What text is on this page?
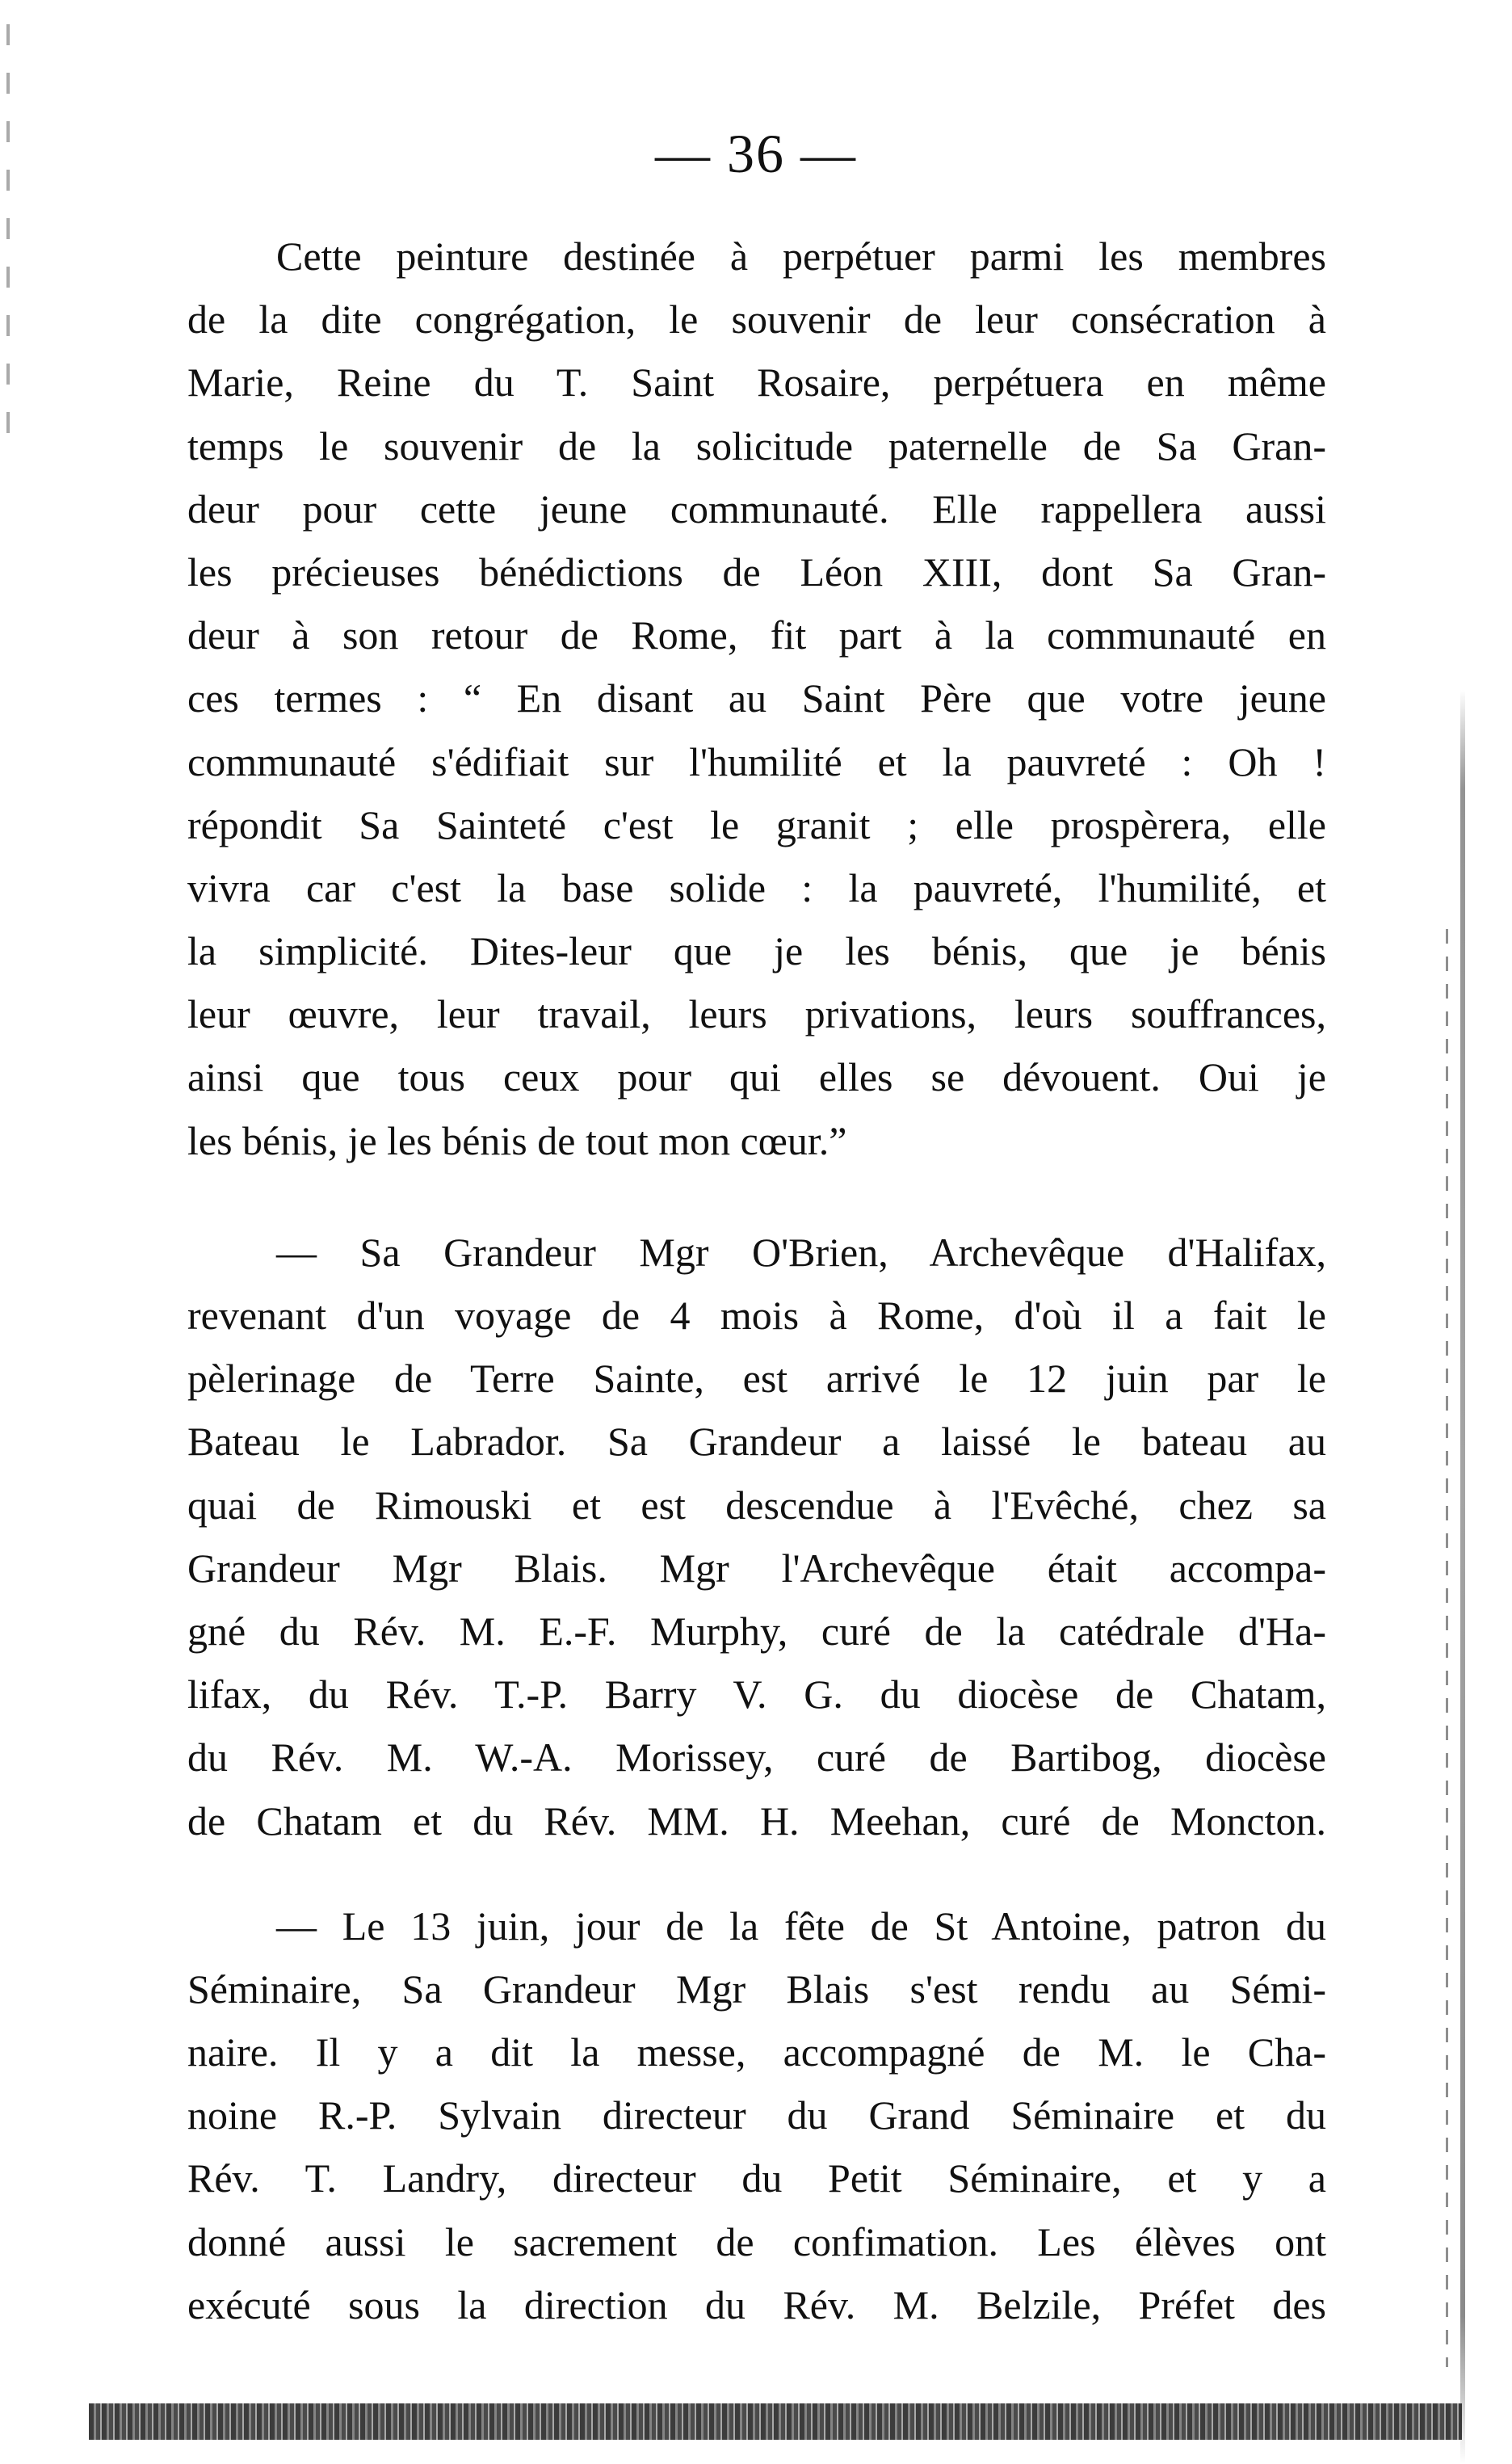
— 36 —
Cette peinture destinée à perpétuer parmi les membres
de la dite congrégation, le souvenir de leur consécration à
Marie, Reine du T. Saint Rosaire, perpétuera en même
temps le souvenir de la solicitude paternelle de Sa Gran-
deur pour cette jeune communauté. Elle rappellera aussi
les précieuses bénédictions de Léon XIII, dont Sa Gran-
deur à son retour de Rome, fit part à la communauté en
ces termes : “ En disant au Saint Père que votre jeune
communauté s'édifiait sur l'humilité et la pauvreté : Oh !
répondit Sa Sainteté c'est le granit ; elle prospèrera, elle
vivra car c'est la base solide : la pauvreté, l'humilité, et
la simplicité. Dites-leur que je les bénis, que je bénis
leur œuvre, leur travail, leurs privations, leurs souffrances,
ainsi que tous ceux pour qui elles se dévouent. Oui je
les bénis, je les bénis de tout mon cœur.”
— Sa Grandeur Mgr O'Brien, Archevêque d'Halifax,
revenant d'un voyage de 4 mois à Rome, d'où il a fait le
pèlerinage de Terre Sainte, est arrivé le 12 juin par le
Bateau le Labrador. Sa Grandeur a laissé le bateau au
quai de Rimouski et est descendue à l'Evêché, chez sa
Grandeur Mgr Blais. Mgr l'Archevêque était accompa-
gné du Rév. M. E.-F. Murphy, curé de la catédrale d'Ha-
lifax, du Rév. T.-P. Barry V. G. du diocèse de Chatam,
du Rév. M. W.-A. Morissey, curé de Bartibog, diocèse
de Chatam et du Rév. MM. H. Meehan, curé de Moncton.
— Le 13 juin, jour de la fête de St Antoine, patron du
Séminaire, Sa Grandeur Mgr Blais s'est rendu au Sémi-
naire. Il y a dit la messe, accompagné de M. le Cha-
noine R.-P. Sylvain directeur du Grand Séminaire et du
Rév. T. Landry, directeur du Petit Séminaire, et y a
donné aussi le sacrement de confimation. Les élèves ont
exécuté sous la direction du Rév. M. Belzile, Préfet des
